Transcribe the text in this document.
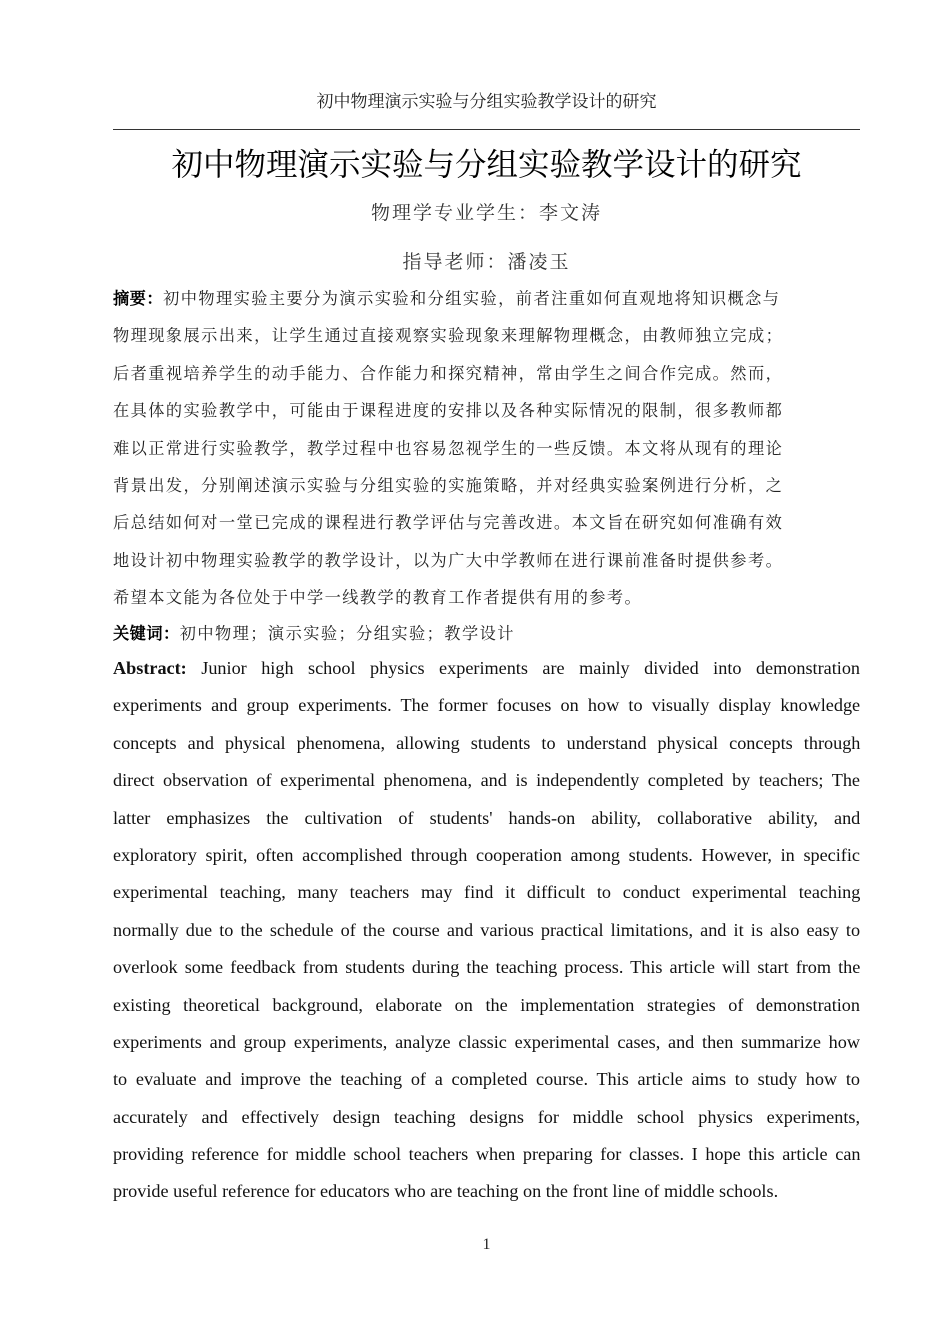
初中物理演示实验与分组实验教学设计的研究
初中物理演示实验与分组实验教学设计的研究
物理学专业学生：李文涛
指导老师：潘凌玉
摘要：初中物理实验主要分为演示实验和分组实验，前者注重如何直观地将知识概念与
物理现象展示出来，让学生通过直接观察实验现象来理解物理概念，由教师独立完成；
后者重视培养学生的动手能力、合作能力和探究精神，常由学生之间合作完成。然而，
在具体的实验教学中，可能由于课程进度的安排以及各种实际情况的限制，很多教师都
难以正常进行实验教学，教学过程中也容易忽视学生的一些反馈。本文将从现有的理论
背景出发，分别阐述演示实验与分组实验的实施策略，并对经典实验案例进行分析，之
后总结如何对一堂已完成的课程进行教学评估与完善改进。本文旨在研究如何准确有效
地设计初中物理实验教学的教学设计，以为广大中学教师在进行课前准备时提供参考。
希望本文能为各位处于中学一线教学的教育工作者提供有用的参考。
关键词：初中物理；演示实验；分组实验；教学设计
Abstract: Junior high school physics experiments are mainly divided into demonstration
experiments and group experiments. The former focuses on how to visually display knowledge
concepts and physical phenomena, allowing students to understand physical concepts through
direct observation of experimental phenomena, and is independently completed by teachers; The
latter emphasizes the cultivation of students' hands-on ability, collaborative ability, and
exploratory spirit, often accomplished through cooperation among students. However, in specific
experimental teaching, many teachers may find it difficult to conduct experimental teaching
normally due to the schedule of the course and various practical limitations, and it is also easy to
overlook some feedback from students during the teaching process. This article will start from the
existing theoretical background, elaborate on the implementation strategies of demonstration
experiments and group experiments, analyze classic experimental cases, and then summarize how
to evaluate and improve the teaching of a completed course. This article aims to study how to
accurately and effectively design teaching designs for middle school physics experiments,
providing reference for middle school teachers when preparing for classes. I hope this article can
provide useful reference for educators who are teaching on the front line of middle schools.
1
